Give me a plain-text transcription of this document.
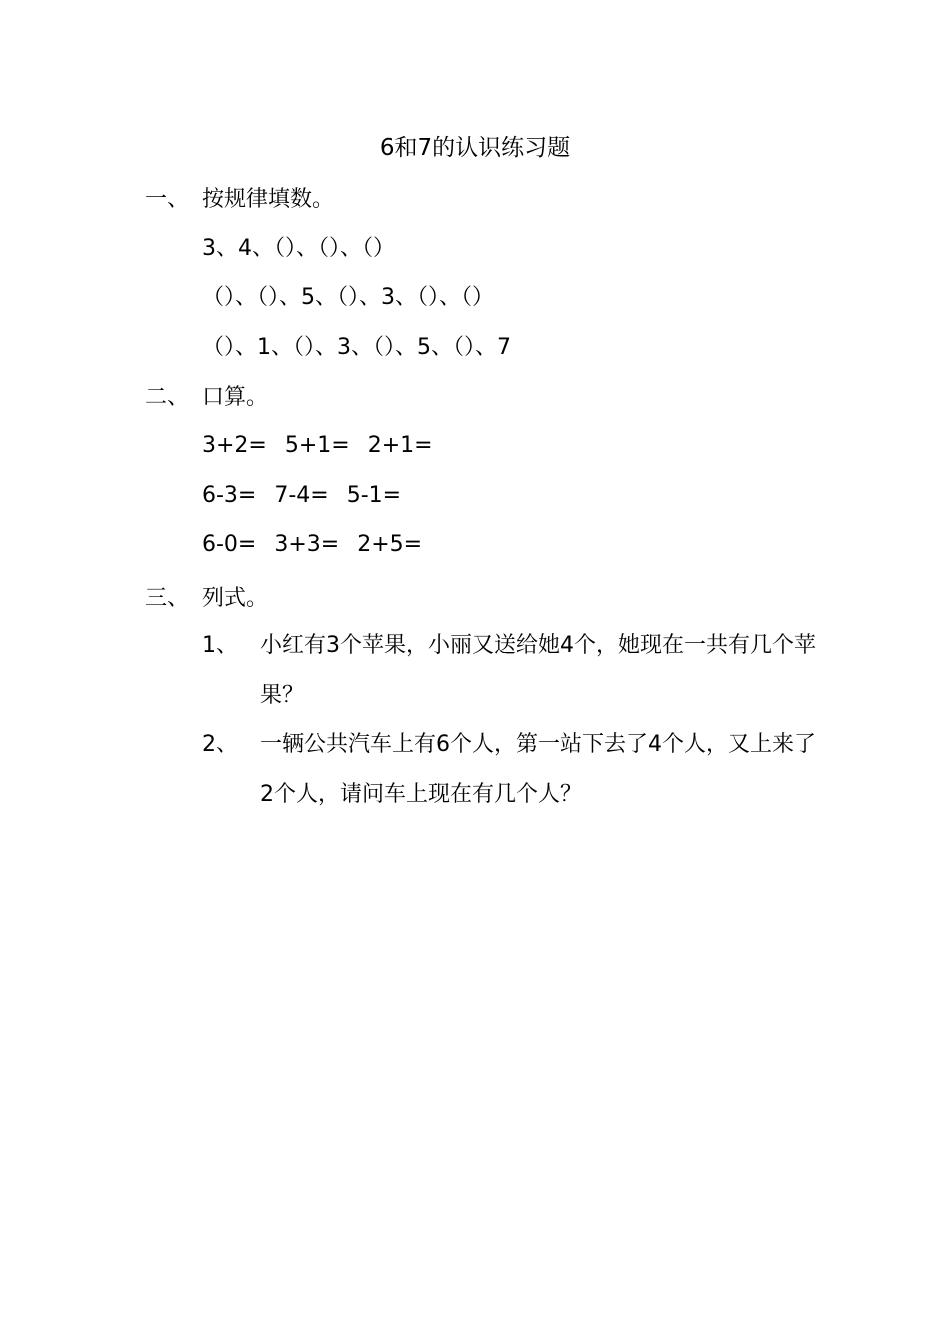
6和7的认识练习题
一、 按规律填数。
3、4、（）、（）、（）
（）、（）、5、（）、3、（）、（）
（）、1、（）、3、（）、5、（）、7
二、 口算。
3+2= 5+1= 2+1=
6-3= 7-4= 5-1=
6-0= 3+3= 2+5=
三、 列式。
1、 小红有3个苹果，小丽又送给她4个，她现在一共有几个苹果？
2、 一辆公共汽车上有6个人，第一站下去了4个人，又上来了2个人，请问车上现在有几个人？
